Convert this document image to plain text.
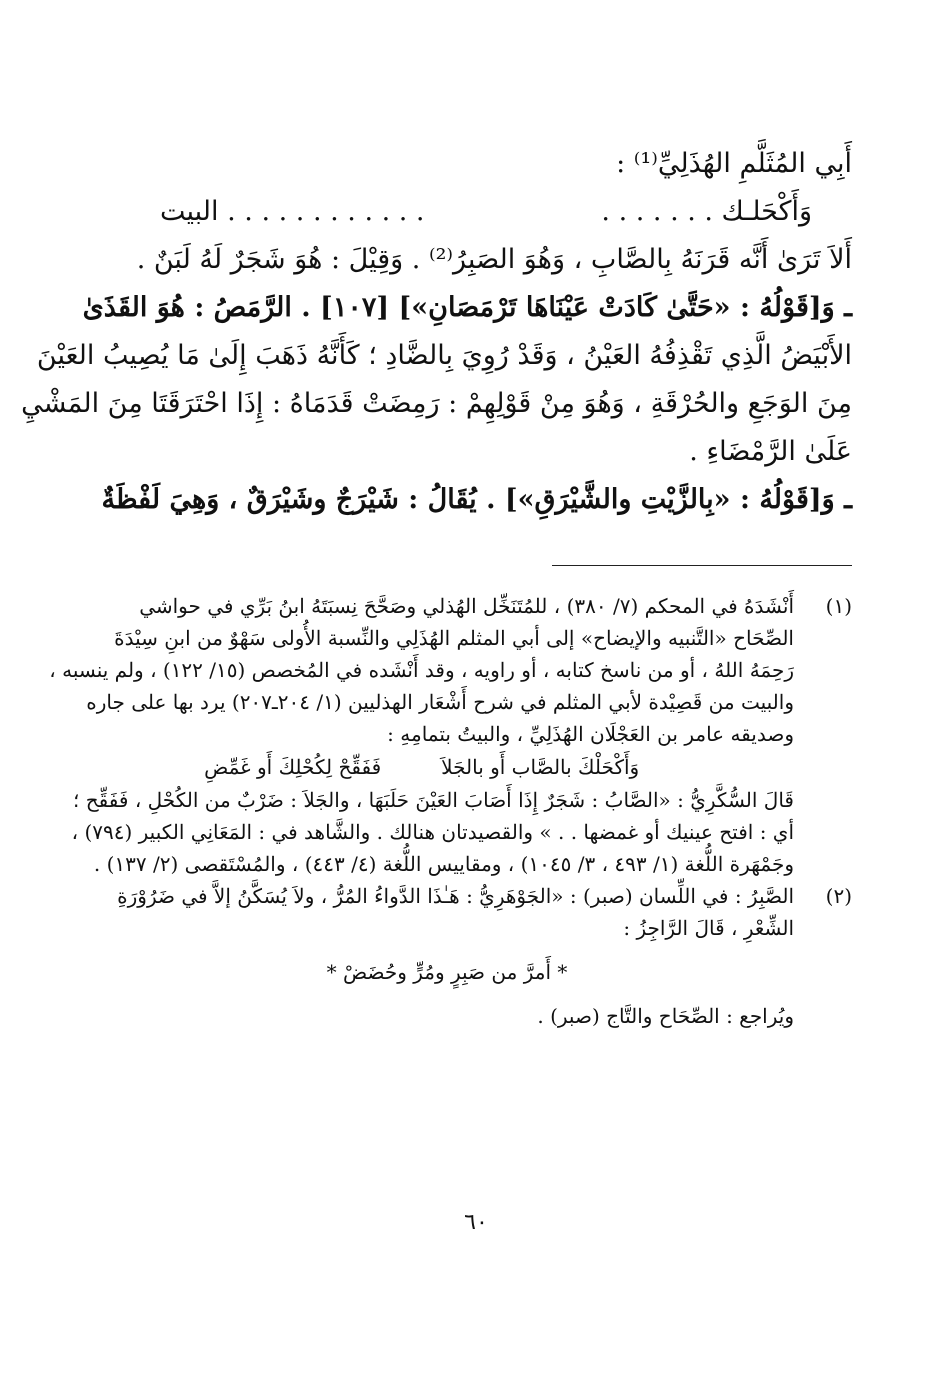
أَبِي المُثَلَّمِ الهُذَلِيِّ⁽¹⁾ :
وَأَكْحَلـك . . . . . . .
. . . . . . . . . . . . البيت
أَلاَ تَرَىٰ أَنَّه قَرَنَهُ بِالصَّابِ ، وَهُوَ الصَبِرُ⁽²⁾ . وَقِيْلَ : هُوَ شَجَرٌ لَهُ لَبَنٌ .
ـ وَ[قَوْلُهُ : «حَتَّىٰ كَادَتْ عَيْنَاهَا تَرْمَصَانِ»] [١٠٧] . الرَّمَصُ : هُوَ القَذَىٰ
الأَبْيَضُ الَّذِي تَقْذِفُهُ العَيْنُ ، وَقَدْ رُوِيَ بِالضَّادِ ؛ كَأَنَّهُ ذَهَبَ إِلَىٰ مَا يُصِيبُ العَيْنَ
مِنَ الوَجَعِ والحُرْقَةِ ، وَهُوَ مِنْ قَوْلِهِمْ : رَمِضَتْ قَدَمَاهُ : إِذَا احْتَرَقَتَا مِنَ المَشْيِ
عَلَىٰ الرَّمْضَاءِ .
ـ وَ[قَوْلُهُ : «بِالزَّيْتِ والشَّيْرَقِ»] . يُقَالُ : شَيْرَجٌ وشَيْرَقٌ ، وَهِيَ لَفْظَةٌ
(١)
أَنْشَدَهُ في المحكم (٧/ ٣٨٠) ، للمُتَنَخِّل الهُذلي وصَحَّحَ نِسبَتَهُ ابنُ بَرِّي في حواشي
الصِّحَاح «التَّنبيه والإيضاح» إلى أبي المثلم الهُذَلِي والنِّسبة الأُولى سَهْوٌ من ابنِ سِيْدَةَ
رَحِمَهُ اللهُ ، أو من ناسخ كتابه ، أو راويه ، وقد أَنْشَده في المُخصص (١٥/ ١٢٢) ، ولم ينسبه ،
والبيت من قَصِيْدة لأبي المثلم في شرح أَشْعَار الهذليين (١/ ٢٠٤ـ٢٠٧) يرد بها على جاره
وصديقه عامر بن العَجْلَان الهُذَلِيِّ ، والبيتُ بتمامِهِ :
وَأَكْحَلْكَ بالصَّاب أَو بالجَلاَ
فَفَقِّحْ لِكُحْلِكَ أَو غَمِّضِ
قَالَ السُّكَّرِيُّ : «الصَّابُ : شَجَرٌ إِذَا أَصَابَ العَيْنَ حَلَبَهَا ، والجَلاَ : ضَرْبٌ من الكُحْلِ ، فَفَقِّح ؛
أي : افتح عينيك أو غمضها . . » والقصيدتان هنالك . والشَّاهد في : المَعَانِي الكبير (٧٩٤) ،
وجَمْهَرة اللُّغة (١/ ٤٩٣ ، ٣/ ١٠٤٥) ، ومقاييس اللُّغة (٤/ ٤٤٣) ، والمُسْتَقصى (٢/ ١٣٧) .
(٢)
الصَّبِرُ : في اللِّسان (صبر) : «الجَوْهَرِيُّ : هَـٰذَا الدَّواءُ المُرُّ ، ولاَ يُسَكَّنُ إلاَّ في ضَرُوْرَةِ
الشِّعْرِ ، قَالَ الرَّاجِزُ :
* أَمرَّ من صَبِرٍ ومُرٍّ وحُضَضْ *
ويُراجع : الصِّحَاح والتَّاج (صبر) .
٦٠
